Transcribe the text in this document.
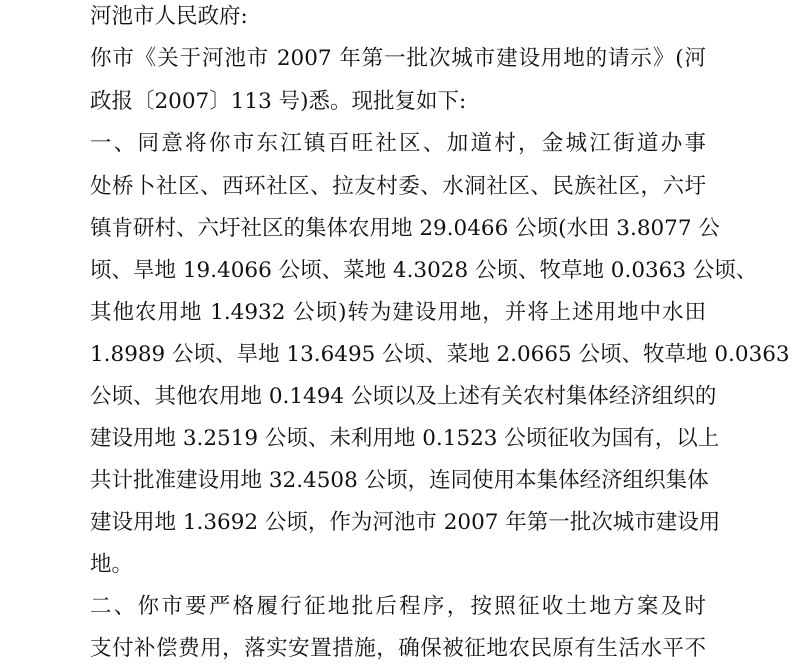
河池市人民政府:
你市《关于河池市 2007 年第一批次城市建设用地的请示》(河
政报〔2007〕113 号)悉。现批复如下:
一、同意将你市东江镇百旺社区、加道村，金城江街道办事
处桥卜社区、西环社区、拉友村委、水洞社区、民族社区，六圩
镇肯研村、六圩社区的集体农用地 29.0466 公顷(水田 3.8077 公
顷、旱地 19.4066 公顷、菜地 4.3028 公顷、牧草地 0.0363 公顷、
其他农用地 1.4932 公顷)转为建设用地，并将上述用地中水田
1.8989 公顷、旱地 13.6495 公顷、菜地 2.0665 公顷、牧草地 0.0363
公顷、其他农用地 0.1494 公顷以及上述有关农村集体经济组织的
建设用地 3.2519 公顷、未利用地 0.1523 公顷征收为国有，以上
共计批准建设用地 32.4508 公顷，连同使用本集体经济组织集体
建设用地 1.3692 公顷，作为河池市 2007 年第一批次城市建设用
地。
二、你市要严格履行征地批后程序，按照征收土地方案及时
支付补偿费用，落实安置措施，确保被征地农民原有生活水平不
